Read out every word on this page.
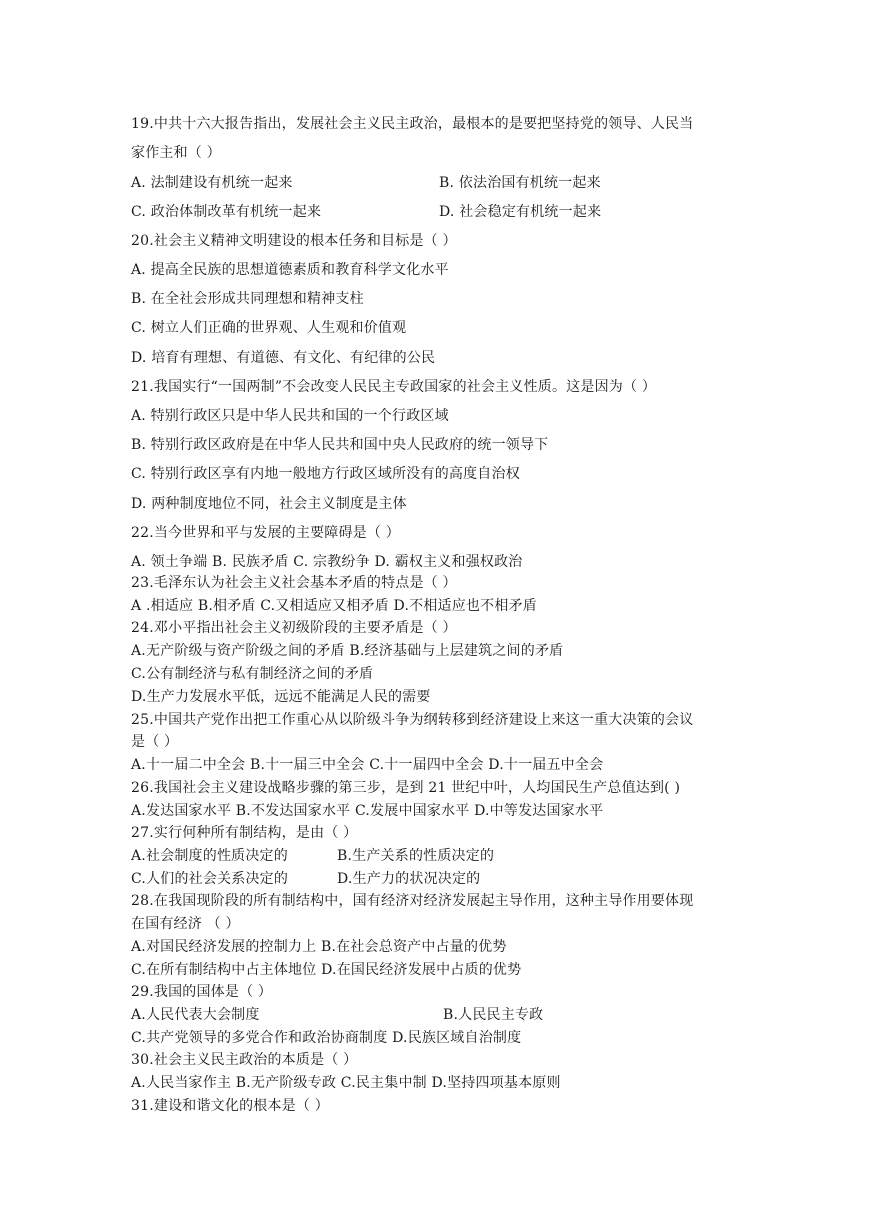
19.中共十六大报告指出，发展社会主义民主政治，最根本的是要把坚持党的领导、人民当
家作主和（ ）
A. 法制建设有机统一起来	B. 依法治国有机统一起来
C. 政治体制改革有机统一起来	D. 社会稳定有机统一起来
20.社会主义精神文明建设的根本任务和目标是（ ）
A. 提高全民族的思想道德素质和教育科学文化水平
B. 在全社会形成共同理想和精神支柱
C. 树立人们正确的世界观、人生观和价值观
D. 培育有理想、有道德、有文化、有纪律的公民
21.我国实行“一国两制”不会改变人民民主专政国家的社会主义性质。这是因为（ ）
A. 特别行政区只是中华人民共和国的一个行政区域
B. 特别行政区政府是在中华人民共和国中央人民政府的统一领导下
C. 特别行政区享有内地一般地方行政区域所没有的高度自治权
D. 两种制度地位不同，社会主义制度是主体
22.当今世界和平与发展的主要障碍是（ ）
A. 领土争端 B. 民族矛盾 C. 宗教纷争 D. 霸权主义和强权政治
23.毛泽东认为社会主义社会基本矛盾的特点是（ ）
A .相适应 B.相矛盾 C.又相适应又相矛盾 D.不相适应也不相矛盾
24.邓小平指出社会主义初级阶段的主要矛盾是（ ）
A.无产阶级与资产阶级之间的矛盾 B.经济基础与上层建筑之间的矛盾
C.公有制经济与私有制经济之间的矛盾
D.生产力发展水平低，远远不能满足人民的需要
25.中国共产党作出把工作重心从以阶级斗争为纲转移到经济建设上来这一重大决策的会议
是（ ）
A.十一届二中全会 B.十一届三中全会 C.十一届四中全会 D.十一届五中全会
26.我国社会主义建设战略步骤的第三步，是到 21 世纪中叶，人均国民生产总值达到( )
A.发达国家水平 B.不发达国家水平 C.发展中国家水平 D.中等发达国家水平
27.实行何种所有制结构，是由（ ）
A.社会制度的性质决定的	B.生产关系的性质决定的
C.人们的社会关系决定的	D.生产力的状况决定的
28.在我国现阶段的所有制结构中，国有经济对经济发展起主导作用，这种主导作用要体现
在国有经济 （ ）
A.对国民经济发展的控制力上 B.在社会总资产中占量的优势
C.在所有制结构中占主体地位 D.在国民经济发展中占质的优势
29.我国的国体是（ ）
A.人民代表大会制度	B.人民民主专政
C.共产党领导的多党合作和政治协商制度 D.民族区域自治制度
30.社会主义民主政治的本质是（ ）
A.人民当家作主 B.无产阶级专政 C.民主集中制 D.坚持四项基本原则
31.建设和谐文化的根本是（ ）
